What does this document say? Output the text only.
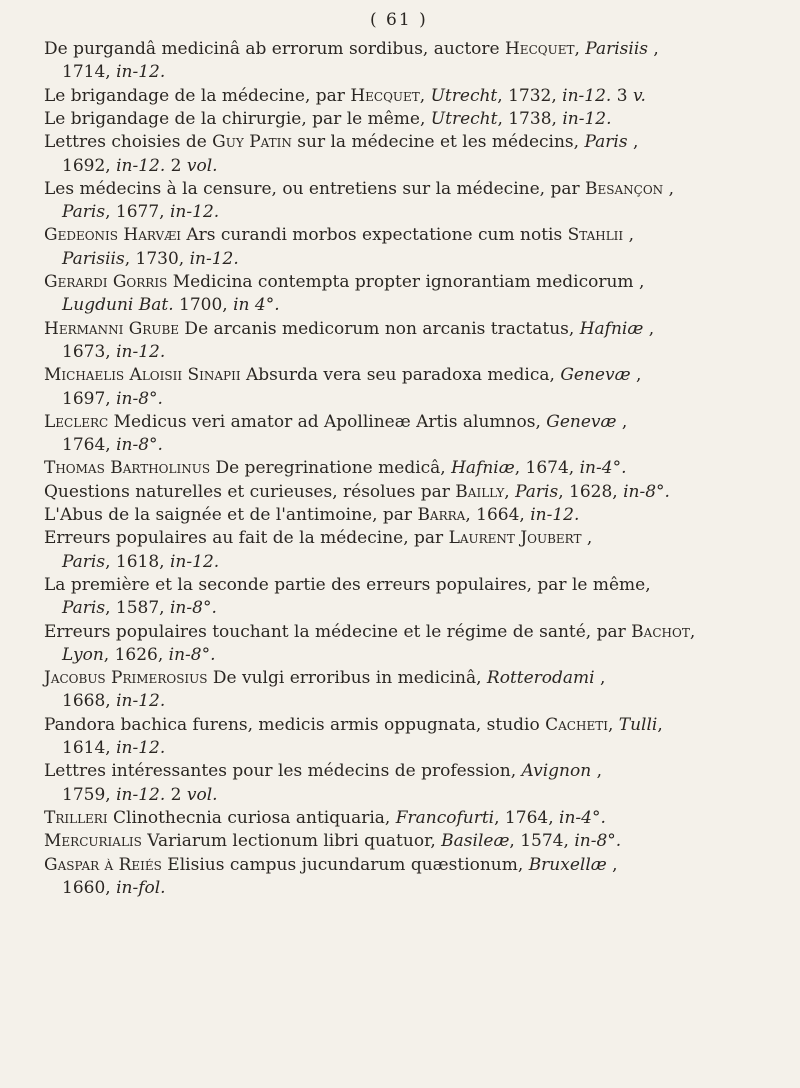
( 61 )
De purgandâ medicinâ ab errorum sordibus, auctore Hecquet, Parisiis ,
1714, in-12.
Le brigandage de la médecine, par Hecquet, Utrecht, 1732, in-12. 3 v.
Le brigandage de la chirurgie, par le même, Utrecht, 1738, in-12.
Lettres choisies de Guy Patin sur la médecine et les médecins, Paris ,
1692, in-12. 2 vol.
Les médecins à la censure, ou entretiens sur la médecine, par Besançon ,
Paris, 1677, in-12.
Gedeonis Harvæi Ars curandi morbos expectatione cum notis Stahlii ,
Parisiis, 1730, in-12.
Gerardi Gorris Medicina contempta propter ignorantiam medicorum ,
Lugduni Bat. 1700, in 4°.
Hermanni Grube De arcanis medicorum non arcanis tractatus, Hafniæ ,
1673, in-12.
Michaelis Aloisii Sinapii Absurda vera seu paradoxa medica, Genevæ ,
1697, in-8°.
Leclerc Medicus veri amator ad Apollineæ Artis alumnos, Genevæ ,
1764, in-8°.
Thomas Bartholinus De peregrinatione medicâ, Hafniæ, 1674, in-4°.
Questions naturelles et curieuses, résolues par Bailly, Paris, 1628, in-8°.
L'Abus de la saignée et de l'antimoine, par Barra, 1664, in-12.
Erreurs populaires au fait de la médecine, par Laurent Joubert ,
Paris, 1618, in-12.
La première et la seconde partie des erreurs populaires, par le même,
Paris, 1587, in-8°.
Erreurs populaires touchant la médecine et le régime de santé, par Bachot,
Lyon, 1626, in-8°.
Jacobus Primerosius De vulgi erroribus in medicinâ, Rotterodami ,
1668, in-12.
Pandora bachica furens, medicis armis oppugnata, studio Cacheti, Tulli,
1614, in-12.
Lettres intéressantes pour les médecins de profession, Avignon ,
1759, in-12. 2 vol.
Trilleri Clinothecnia curiosa antiquaria, Francofurti, 1764, in-4°.
Mercurialis Variarum lectionum libri quatuor, Basileæ, 1574, in-8°.
Gaspar à Reiés Elisius campus jucundarum quæstionum, Bruxellæ ,
1660, in-fol.
